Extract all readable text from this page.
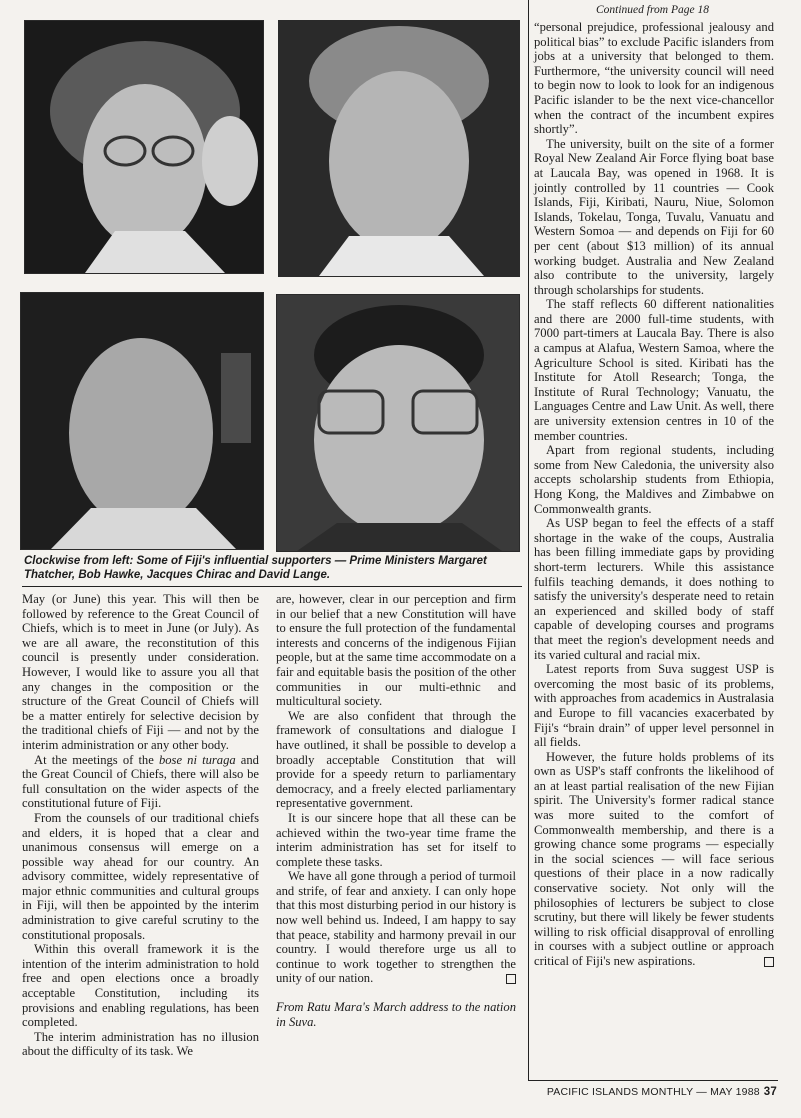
Clockwise from left: Some of Fiji's influential supporters — Prime Ministers Margaret Thatcher, Bob Hawke, Jacques Chirac and David Lange.

May (or June) this year. This will then be followed by reference to the Great Council of Chiefs, which is to meet in June (or July). As we are all aware, the reconstitution of this council is presently under consideration. However, I would like to assure you all that any changes in the composition or the structure of the Great Council of Chiefs will be a matter entirely for selective decision by the traditional chiefs of Fiji — and not by the interim administration or any other body.

At the meetings of the bose ni turaga and the Great Council of Chiefs, there will also be full consultation on the wider aspects of the constitutional future of Fiji.

From the counsels of our traditional chiefs and elders, it is hoped that a clear and unanimous consensus will emerge on a possible way ahead for our country. An advisory committee, widely representative of major ethnic communities and cultural groups in Fiji, will then be appointed by the interim administration to give careful scrutiny to the constitutional proposals.

Within this overall framework it is the intention of the interim administration to hold free and open elections once a broadly acceptable Constitution, including its provisions and enabling regulations, has been completed.

The interim administration has no illusion about the difficulty of its task. We

are, however, clear in our perception and firm in our belief that a new Constitution will have to ensure the full protection of the fundamental interests and concerns of the indigenous Fijian people, but at the same time accommodate on a fair and equitable basis the position of the other communities in our multi-ethnic and multicultural society.

We are also confident that through the framework of consultations and dialogue I have outlined, it shall be possible to develop a broadly acceptable Constitution that will provide for a speedy return to parliamentary democracy, and a freely elected parliamentary representative government.

It is our sincere hope that all these can be achieved within the two-year time frame the interim administration has set for itself to complete these tasks.

We have all gone through a period of turmoil and strife, of fear and anxiety. I can only hope that this most disturbing period in our history is now well behind us. Indeed, I am happy to say that peace, stability and harmony prevail in our country. I would therefore urge us all to continue to work together to strengthen the unity of our nation.

From Ratu Mara's March address to the nation in Suva.

Continued from Page 18

“personal prejudice, professional jealousy and political bias” to exclude Pacific islanders from jobs at a university that belonged to them. Furthermore, “the university council will need to begin now to look to look for an indigenous Pacific islander to be the next vice-chancellor when the contract of the incumbent expires shortly”.

The university, built on the site of a former Royal New Zealand Air Force flying boat base at Laucala Bay, was opened in 1968. It is jointly controlled by 11 countries — Cook Islands, Fiji, Kiribati, Nauru, Niue, Solomon Islands, Tokelau, Tonga, Tuvalu, Vanuatu and Western Somoa — and depends on Fiji for 60 per cent (about $13 million) of its annual working budget. Australia and New Zealand also contribute to the university, largely through scholarships for students.

The staff reflects 60 different nationalities and there are 2000 full-time students, with 7000 part-timers at Laucala Bay. There is also a campus at Alafua, Western Samoa, where the Agriculture School is sited. Kiribati has the Institute for Atoll Research; Tonga, the Institute of Rural Technology; Vanuatu, the Languages Centre and Law Unit. As well, there are university extension centres in 10 of the member countries.

Apart from regional students, including some from New Caledonia, the university also accepts scholarship students from Ethiopia, Hong Kong, the Maldives and Zimbabwe on Commonwealth grants.

As USP began to feel the effects of a staff shortage in the wake of the coups, Australia has been filling immediate gaps by providing short-term lecturers. While this assistance fulfils teaching demands, it does nothing to satisfy the university's desperate need to retain an experienced and skilled body of staff capable of developing courses and programs that meet the region's development needs and its varied cultural and racial mix.

Latest reports from Suva suggest USP is overcoming the most basic of its problems, with approaches from academics in Australasia and Europe to fill vacancies exacerbated by Fiji's “brain drain” of upper level personnel in all fields.

However, the future holds problems of its own as USP's staff confronts the likelihood of an at least partial realisation of the new Fijian spirit. The University's former radical stance was more suited to the comfort of Commonwealth membership, and there is a growing chance some programs — especially in the social sciences — will face serious questions of their place in a now radically conservative society. Not only will the philosophies of lecturers be subject to close scrutiny, but there will likely be fewer students willing to risk official disapproval of enrolling in courses with a subject outline or approach critical of Fiji's new aspirations.

PACIFIC ISLANDS MONTHLY — MAY 1988 37
